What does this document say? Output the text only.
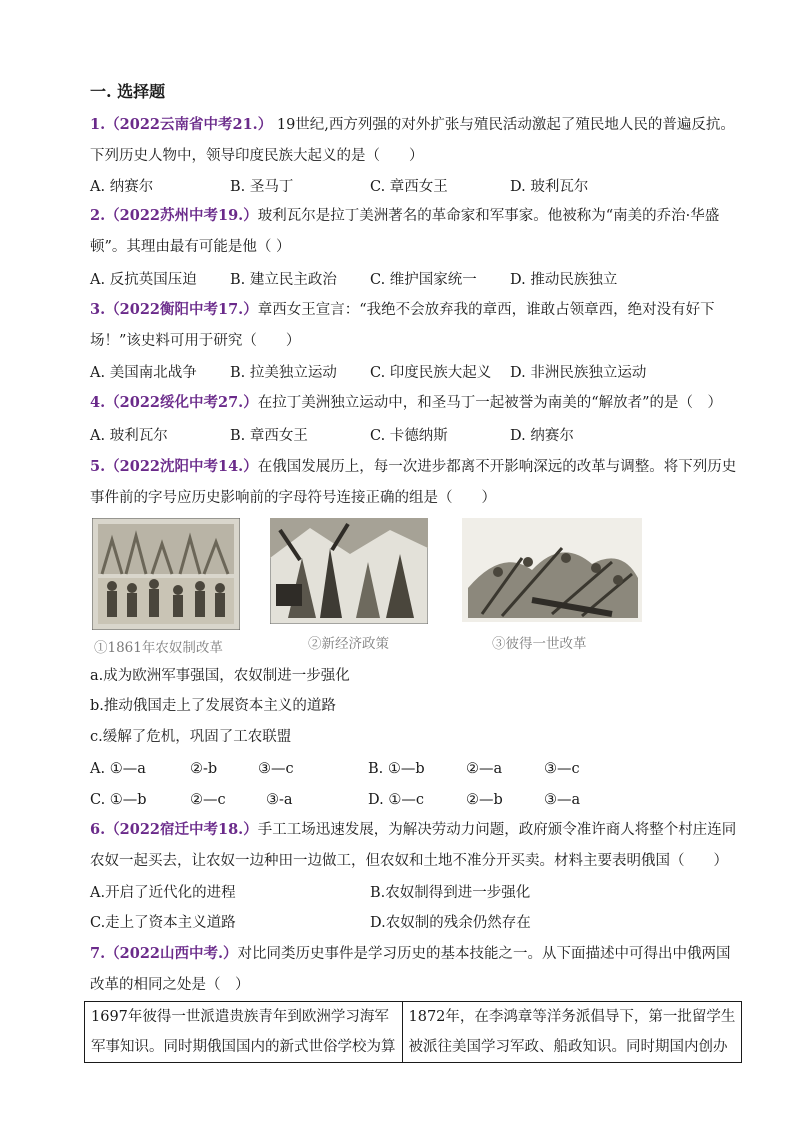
一. 选择题
1.（2022云南省中考21.） 19世纪,西方列强的对外扩张与殖民活动激起了殖民地人民的普遍反抗。
下列历史人物中，领导印度民族大起义的是（　　）
A. 纳赛尔	B. 圣马丁	C. 章西女王	D. 玻利瓦尔
2.（2022苏州中考19.）玻利瓦尔是拉丁美洲著名的革命家和军事家。他被称为“南美的乔治·华盛
顿”。其理由最有可能是他（ ）
A. 反抗英国压迫 B. 建立民主政治 C. 维护国家统一 D. 推动民族独立
3.（2022衡阳中考17.）章西女王宣言：“我绝不会放弃我的章西，谁敢占领章西，绝对没有好下
场！”该史料可用于研究（　　）
A. 美国南北战争 B. 拉美独立运动 C. 印度民族大起义 D. 非洲民族独立运动
4.（2022绥化中考27.）在拉丁美洲独立运动中，和圣马丁一起被誉为南美的“解放者”的是（　）
A. 玻利瓦尔	B. 章西女王	C. 卡德纳斯	D. 纳赛尔
5.（2022沈阳中考14.）在俄国发展历上，每一次进步都离不开影响深远的改革与调整。将下列历史
事件前的字号应历史影响前的字母符号连接正确的组是（　　）
①1861年农奴制改革	②新经济政策	③彼得一世改革
a.成为欧洲军事强国，农奴制进一步强化
b.推动俄国走上了发展资本主义的道路
c.缓解了危机，巩固了工农联盟
A. ①—a	②-b	③—c	B. ①—b	②—a	③—c
C. ①—b	②—c	③-a	D. ①—c	②—b	③—a
6.（2022宿迁中考18.）手工工场迅速发展，为解决劳动力问题，政府颁令准许商人将整个村庄连同
农奴一起买去，让农奴一边种田一边做工，但农奴和土地不准分开买卖。材料主要表明俄国（　　）
A.开启了近代化的进程	B.农奴制得到进一步强化
C.走上了资本主义道路	D.农奴制的残余仍然存在
7.（2022山西中考.）对比同类历史事件是学习历史的基本技能之一。从下面描述中可得出中俄两国
改革的相同之处是（　）
1697年彼得一世派遣贵族青年到欧洲学习海军
军事知识。同时期俄国国内的新式世俗学校为算

1872年，在李鸿章等洋务派倡导下，第一批留学生
被派往美国学习军政、船政知识。同时期国内创办
